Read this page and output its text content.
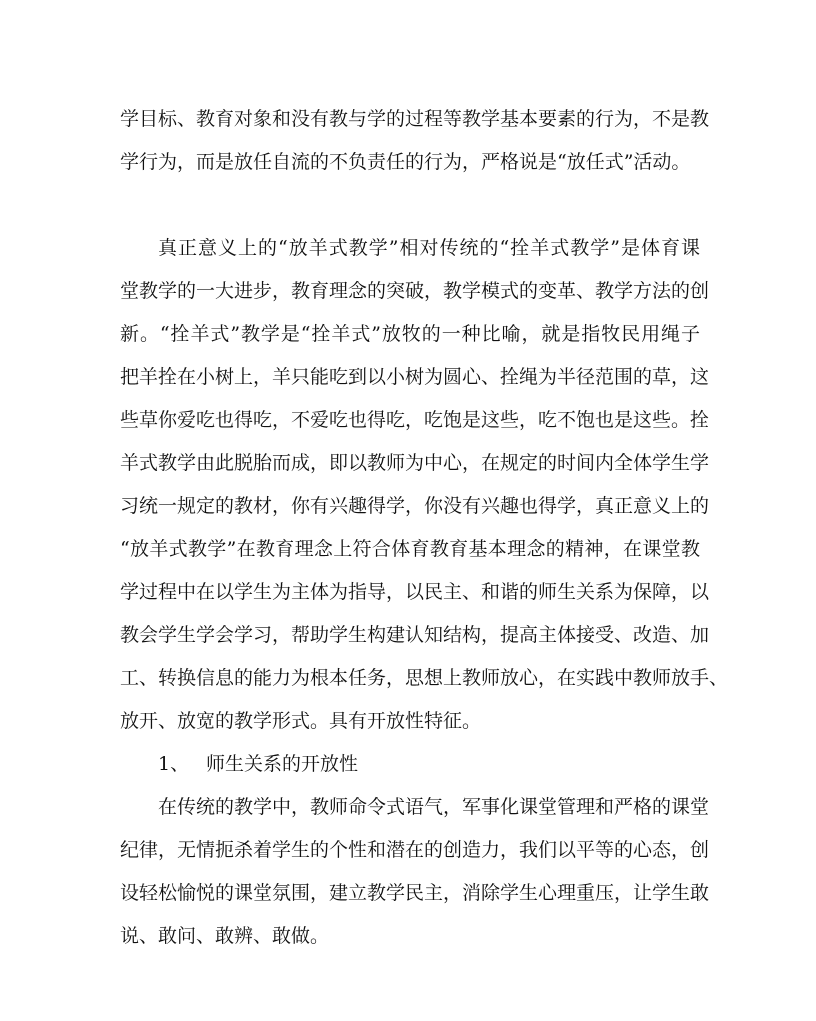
学目标、教育对象和没有教与学的过程等教学基本要素的行为，不是教
学行为，而是放任自流的不负责任的行为，严格说是“放任式”活动。
真正意义上的“放羊式教学”相对传统的“拴羊式教学”是体育课
堂教学的一大进步，教育理念的突破，教学模式的变革、教学方法的创
新。“拴羊式”教学是“拴羊式”放牧的一种比喻，就是指牧民用绳子
把羊拴在小树上，羊只能吃到以小树为圆心、拴绳为半径范围的草，这
些草你爱吃也得吃，不爱吃也得吃，吃饱是这些，吃不饱也是这些。拴
羊式教学由此脱胎而成，即以教师为中心，在规定的时间内全体学生学
习统一规定的教材，你有兴趣得学，你没有兴趣也得学，真正意义上的
“放羊式教学”在教育理念上符合体育教育基本理念的精神，在课堂教
学过程中在以学生为主体为指导，以民主、和谐的师生关系为保障，以
教会学生学会学习，帮助学生构建认知结构，提高主体接受、改造、加
工、转换信息的能力为根本任务，思想上教师放心，在实践中教师放手、
放开、放宽的教学形式。具有开放性特征。
1、 师生关系的开放性
在传统的教学中，教师命令式语气，军事化课堂管理和严格的课堂
纪律，无情扼杀着学生的个性和潜在的创造力，我们以平等的心态，创
设轻松愉悦的课堂氛围，建立教学民主，消除学生心理重压，让学生敢
说、敢问、敢辨、敢做。
